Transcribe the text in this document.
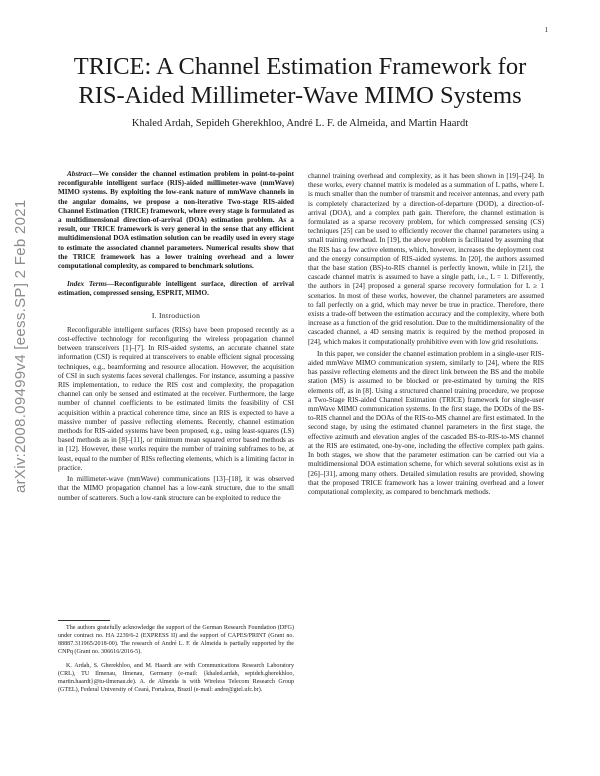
1
arXiv:2008.09499v4 [eess.SP] 2 Feb 2021
TRICE: A Channel Estimation Framework for
RIS-Aided Millimeter-Wave MIMO Systems
Khaled Ardah, Sepideh Gherekhloo, André L. F. de Almeida, and Martin Haardt

Abstract—We consider the channel estimation problem in point-to-point reconfigurable intelligent surface (RIS)-aided millimeter-wave (mmWave) MIMO systems. By exploiting the low-rank nature of mmWave channels in the angular domains, we propose a non-iterative Two-stage RIS-aided Channel Estimation (TRICE) framework, where every stage is formulated as a multidimensional direction-of-arrival (DOA) estimation problem. As a result, our TRICE framework is very general in the sense that any efficient multidimensional DOA estimation solution can be readily used in every stage to estimate the associated channel parameters. Numerical results show that the TRICE framework has a lower training overhead and a lower computational complexity, as compared to benchmark solutions.

Index Terms—Reconfigurable intelligent surface, direction of arrival estimation, compressed sensing, ESPRIT, MIMO.

I. Introduction

Reconfigurable intelligent surfaces (RISs) have been proposed recently as a cost-effective technology for reconfiguring the wireless propagation channel between transceivers [1]–[7]. In RIS-aided systems, an accurate channel state information (CSI) is required at transceivers to enable efficient signal processing techniques, e.g., beamforming and resource allocation. However, the acquisition of CSI in such systems faces several challenges. For instance, assuming a passive RIS implementation, to reduce the RIS cost and complexity, the propagation channel can only be sensed and estimated at the receiver. Furthermore, the large number of channel coefficients to be estimated limits the feasibility of CSI acquisition within a practical coherence time, since an RIS is expected to have a massive number of passive reflecting elements. Recently, channel estimation methods for RIS-aided systems have been proposed, e.g., using least-squares (LS) based methods as in [8]–[11], or minimum mean squared error based methods as in [12]. However, these works require the number of training subframes to be, at least, equal to the number of RISs reflecting elements, which is a limiting factor in practice.

In millimeter-wave (mmWave) communications [13]–[18], it was observed that the MIMO propagation channel has a low-rank structure, due to the small number of scatterers. Such a low-rank structure can be exploited to reduce the

The authors gratefully acknowledge the support of the German Research Foundation (DFG) under contract no. HA 2239/6-2 (EXPRESS II) and the support of CAPES/PRINT (Grant no. 88887.311965/2018-00). The research of André L. F. de Almeida is partially supported by the CNPq (Grant no. 306616/2016-5).

K. Ardah, S. Gherekhloo, and M. Haardt are with Communications Research Laboratory (CRL), TU Ilmenau, Ilmenau, Germany (e-mail: {khaled.ardah, sepideh.gherekhloo, martin.haardt}@tu-ilmenau.de). A. de Almeida is with Wireless Telecom Research Group (GTEL), Federal University of Ceará, Fortaleza, Brazil (e-mail: andre@gtel.ufc.br).

channel training overhead and complexity, as it has been shown in [19]–[24]. In these works, every channel matrix is modeled as a summation of L paths, where L is much smaller than the number of transmit and receiver antennas, and every path is completely characterized by a direction-of-departure (DOD), a direction-of-arrival (DOA), and a complex path gain. Therefore, the channel estimation is formulated as a sparse recovery problem, for which compressed sensing (CS) techniques [25] can be used to efficiently recover the channel parameters using a small training overhead. In [19], the above problem is facilitated by assuming that the RIS has a few active elements, which, however, increases the deployment cost and the energy consumption of RIS-aided systems. In [20], the authors assumed that the base station (BS)-to-RIS channel is perfectly known, while in [21], the cascade channel matrix is assumed to have a single path, i.e., L = 1. Differently, the authors in [24] proposed a general sparse recovery formulation for L ≥ 1 scenarios. In most of these works, however, the channel parameters are assumed to fall perfectly on a grid, which may never be true in practice. Therefore, there exists a trade-off between the estimation accuracy and the complexity, where both increase as a function of the grid resolution. Due to the multidimensionality of the cascaded channel, a 4D sensing matrix is required by the method proposed in [24], which makes it computationally prohibitive even with low grid resolutions.

In this paper, we consider the channel estimation problem in a single-user RIS-aided mmWave MIMO communication system, similarly to [24], where the RIS has passive reflecting elements and the direct link between the BS and the mobile station (MS) is assumed to be blocked or pre-estimated by turning the RIS elements off, as in [8]. Using a structured channel training procedure, we propose a Two-Stage RIS-aided Channel Estimation (TRICE) framework for single-user mmWave MIMO communication systems. In the first stage, the DODs of the BS-to-RIS channel and the DOAs of the RIS-to-MS channel are first estimated. In the second stage, by using the estimated channel parameters in the first stage, the effective azimuth and elevation angles of the cascaded BS-to-RIS-to-MS channel at the RIS are estimated, one-by-one, including the effective complex path gains. In both stages, we show that the parameter estimation can be carried out via a multidimensional DOA estimation scheme, for which several solutions exist as in [26]–[31], among many others. Detailed simulation results are provided, showing that the proposed TRICE framework has a lower training overhead and a lower computational complexity, as compared to benchmark methods.
